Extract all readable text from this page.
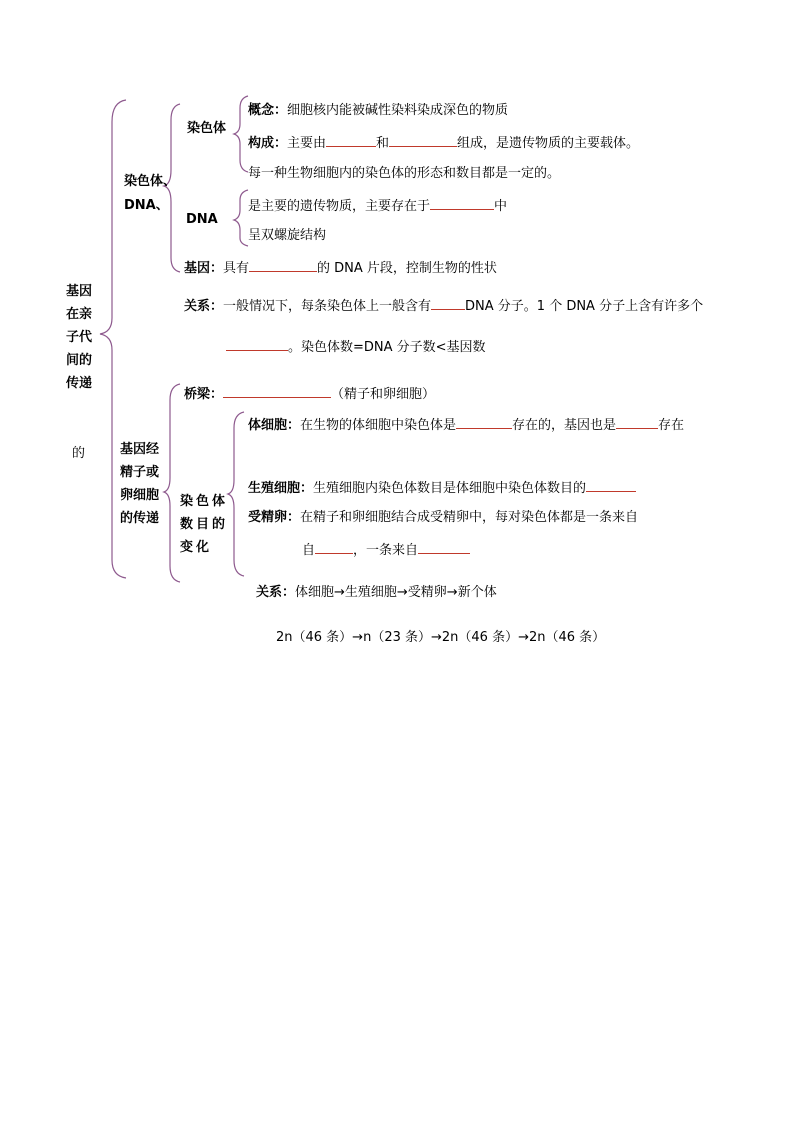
基因在亲子代间的传递
的
染色体、
DNA、
染色体
概念：细胞核内能被碱性染料染成深色的物质
构成：主要由	和	组成，是遗传物质的主要载体。
每一种生物细胞内的染色体的形态和数目都是一定的。
DNA
是主要的遗传物质，主要存在于	中
呈双螺旋结构
基因：具有	的 DNA 片段，控制生物的性状
关系：一般情况下，每条染色体上一般含有	DNA 分子。1 个 DNA 分子上含有许多个
。染色体数=DNA 分子数<基因数
基因经精子或卵细胞的传递
桥梁：	（精子和卵细胞）
染色体数目的变化
体细胞：在生物的体细胞中染色体是	存在的，基因也是	存在
生殖细胞：生殖细胞内染色体数目是体细胞中染色体数目的
受精卵：在精子和卵细胞结合成受精卵中，每对染色体都是一条来自
自	，一条来自
关系：体细胞→生殖细胞→受精卵→新个体
2n（46 条）→n（23 条）→2n（46 条）→2n（46 条）
